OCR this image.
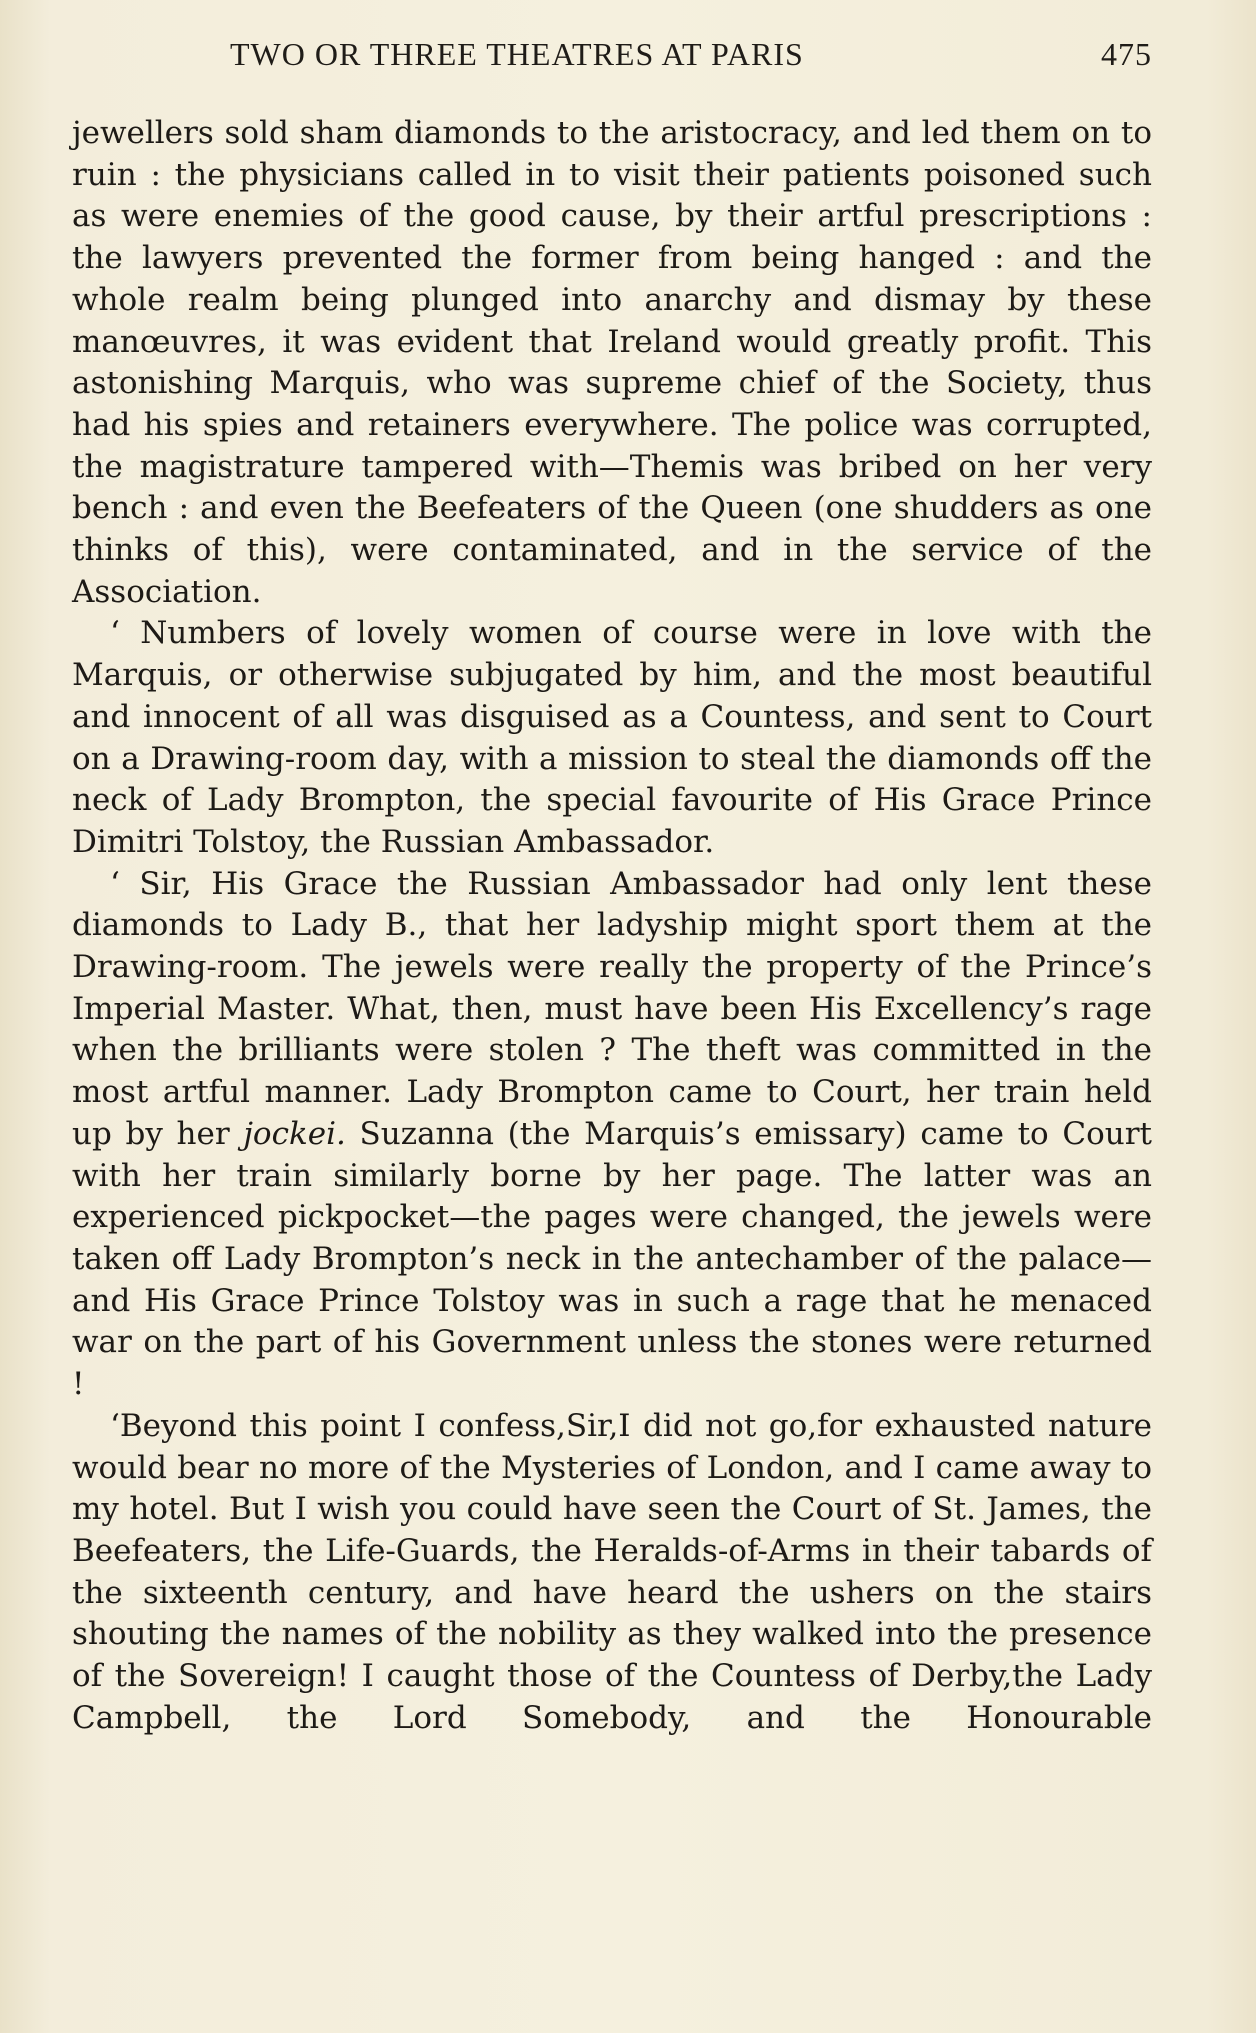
TWO OR THREE THEATRES AT PARIS	475

jewellers sold sham diamonds to the aristocracy, and led them on to ruin : the physicians called in to visit their patients poisoned such as were enemies of the good cause, by their artful prescriptions : the lawyers prevented the former from being hanged : and the whole realm being plunged into anarchy and dismay by these manœuvres, it was evident that Ireland would greatly profit. This astonishing Marquis, who was supreme chief of the Society, thus had his spies and retainers everywhere. The police was corrupted, the magistrature tampered with—Themis was bribed on her very bench : and even the Beefeaters of the Queen (one shudders as one thinks of this), were contaminated, and in the service of the Association.

‘ Numbers of lovely women of course were in love with the Marquis, or otherwise subjugated by him, and the most beautiful and innocent of all was disguised as a Countess, and sent to Court on a Drawing-room day, with a mission to steal the diamonds off the neck of Lady Brompton, the special favourite of His Grace Prince Dimitri Tolstoy, the Russian Ambassador.

‘ Sir, His Grace the Russian Ambassador had only lent these diamonds to Lady B., that her ladyship might sport them at the Drawing-room. The jewels were really the property of the Prince’s Imperial Master. What, then, must have been His Excellency’s rage when the brilliants were stolen ? The theft was committed in the most artful manner. Lady Brompton came to Court, her train held up by her jockei. Suzanna (the Marquis’s emissary) came to Court with her train similarly borne by her page. The latter was an experienced pickpocket—the pages were changed, the jewels were taken off Lady Brompton’s neck in the antechamber of the palace—and His Grace Prince Tolstoy was in such a rage that he menaced war on the part of his Government unless the stones were returned !

‘Beyond this point I confess,Sir,I did not go,for exhausted nature would bear no more of the Mysteries of London, and I came away to my hotel. But I wish you could have seen the Court of St. James, the Beefeaters, the Life-Guards, the Heralds-of-Arms in their tabards of the sixteenth century, and have heard the ushers on the stairs shouting the names of the nobility as they walked into the presence of the Sovereign! I caught those of the Countess of Derby,the Lady Campbell, the Lord Somebody, and the Honourable
